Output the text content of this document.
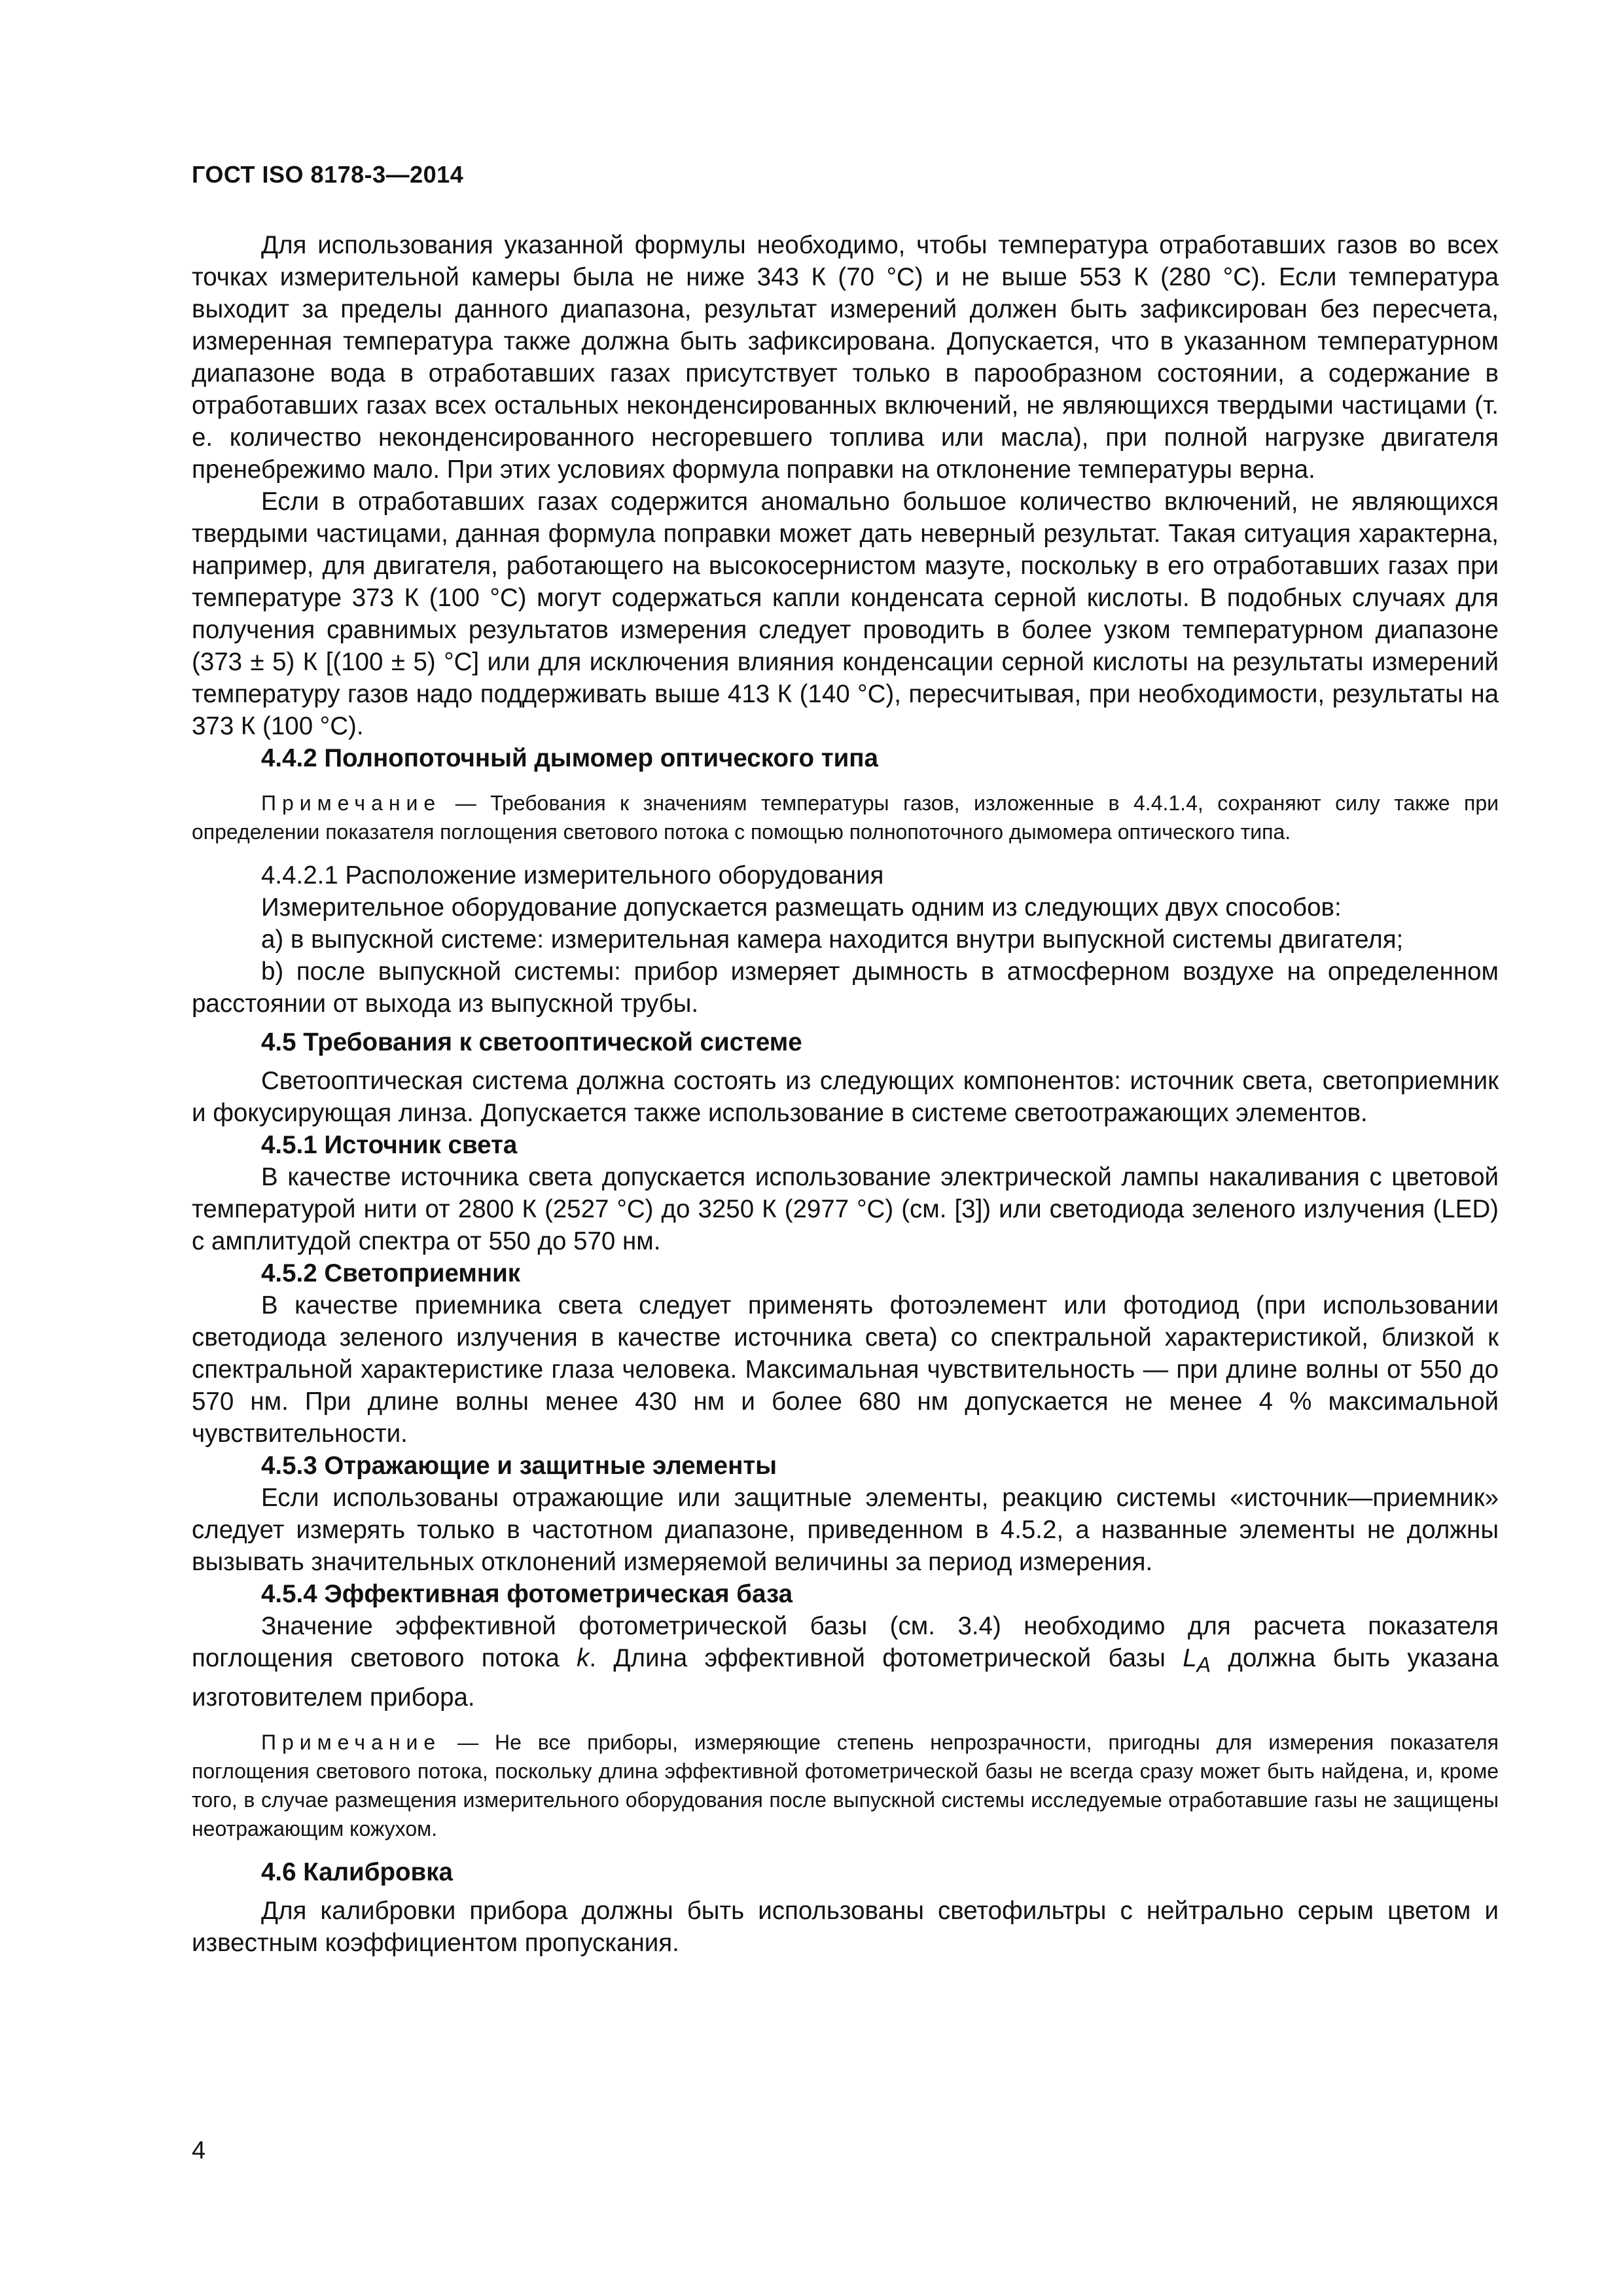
ГОСТ ISO 8178-3—2014

Для использования указанной формулы необходимо, чтобы температура отработавших газов во всех точках измерительной камеры была не ниже 343 К (70 °С) и не выше 553 К (280 °С). Если температура выходит за пределы данного диапазона, результат измерений должен быть зафиксирован без пересчета, измеренная температура также должна быть зафиксирована. Допускается, что в указанном температурном диапазоне вода в отработавших газах присутствует только в парообразном состоянии, а содержание в отработавших газах всех остальных неконденсированных включений, не являющихся твердыми частицами (т. е. количество неконденсированного несгоревшего топлива или масла), при полной нагрузке двигателя пренебрежимо мало. При этих условиях формула поправки на отклонение температуры верна.

Если в отработавших газах содержится аномально большое количество включений, не являющихся твердыми частицами, данная формула поправки может дать неверный результат. Такая ситуация характерна, например, для двигателя, работающего на высокосернистом мазуте, поскольку в его отработавших газах при температуре 373 К (100 °С) могут содержаться капли конденсата серной кислоты. В подобных случаях для получения сравнимых результатов измерения следует проводить в более узком температурном диапазоне (373 ± 5) К [(100 ± 5) °С] или для исключения влияния конденсации серной кислоты на результаты измерений температуру газов надо поддерживать выше 413 К (140 °С), пересчитывая, при необходимости, результаты на 373 К (100 °С).

4.4.2 Полнопоточный дымомер оптического типа

Примечание — Требования к значениям температуры газов, изложенные в 4.4.1.4, сохраняют силу также при определении показателя поглощения светового потока с помощью полнопоточного дымомера оптического типа.

4.4.2.1 Расположение измерительного оборудования

Измерительное оборудование допускается размещать одним из следующих двух способов:

a) в выпускной системе: измерительная камера находится внутри выпускной системы двигателя;

b) после выпускной системы: прибор измеряет дымность в атмосферном воздухе на определенном расстоянии от выхода из выпускной трубы.

4.5 Требования к светооптической системе

Светооптическая система должна состоять из следующих компонентов: источник света, светоприемник и фокусирующая линза. Допускается также использование в системе светоотражающих элементов.

4.5.1 Источник света

В качестве источника света допускается использование электрической лампы накаливания с цветовой температурой нити от 2800 К (2527 °С) до 3250 К (2977 °С) (см. [3]) или светодиода зеленого излучения (LED) с амплитудой спектра от 550 до 570 нм.

4.5.2 Светоприемник

В качестве приемника света следует применять фотоэлемент или фотодиод (при использовании светодиода зеленого излучения в качестве источника света) со спектральной характеристикой, близкой к спектральной характеристике глаза человека. Максимальная чувствительность — при длине волны от 550 до 570 нм. При длине волны менее 430 нм и более 680 нм допускается не менее 4 % максимальной чувствительности.

4.5.3 Отражающие и защитные элементы

Если использованы отражающие или защитные элементы, реакцию системы «источник—приемник» следует измерять только в частотном диапазоне, приведенном в 4.5.2, а названные элементы не должны вызывать значительных отклонений измеряемой величины за период измерения.

4.5.4 Эффективная фотометрическая база

Значение эффективной фотометрической базы (см. 3.4) необходимо для расчета показателя поглощения светового потока k. Длина эффективной фотометрической базы $L_A$ должна быть указана изготовителем прибора.

Примечание — Не все приборы, измеряющие степень непрозрачности, пригодны для измерения показателя поглощения светового потока, поскольку длина эффективной фотометрической базы не всегда сразу может быть найдена, и, кроме того, в случае размещения измерительного оборудования после выпускной системы исследуемые отработавшие газы не защищены неотражающим кожухом.

4.6 Калибровка

Для калибровки прибора должны быть использованы светофильтры с нейтрально серым цветом и известным коэффициентом пропускания.

4
